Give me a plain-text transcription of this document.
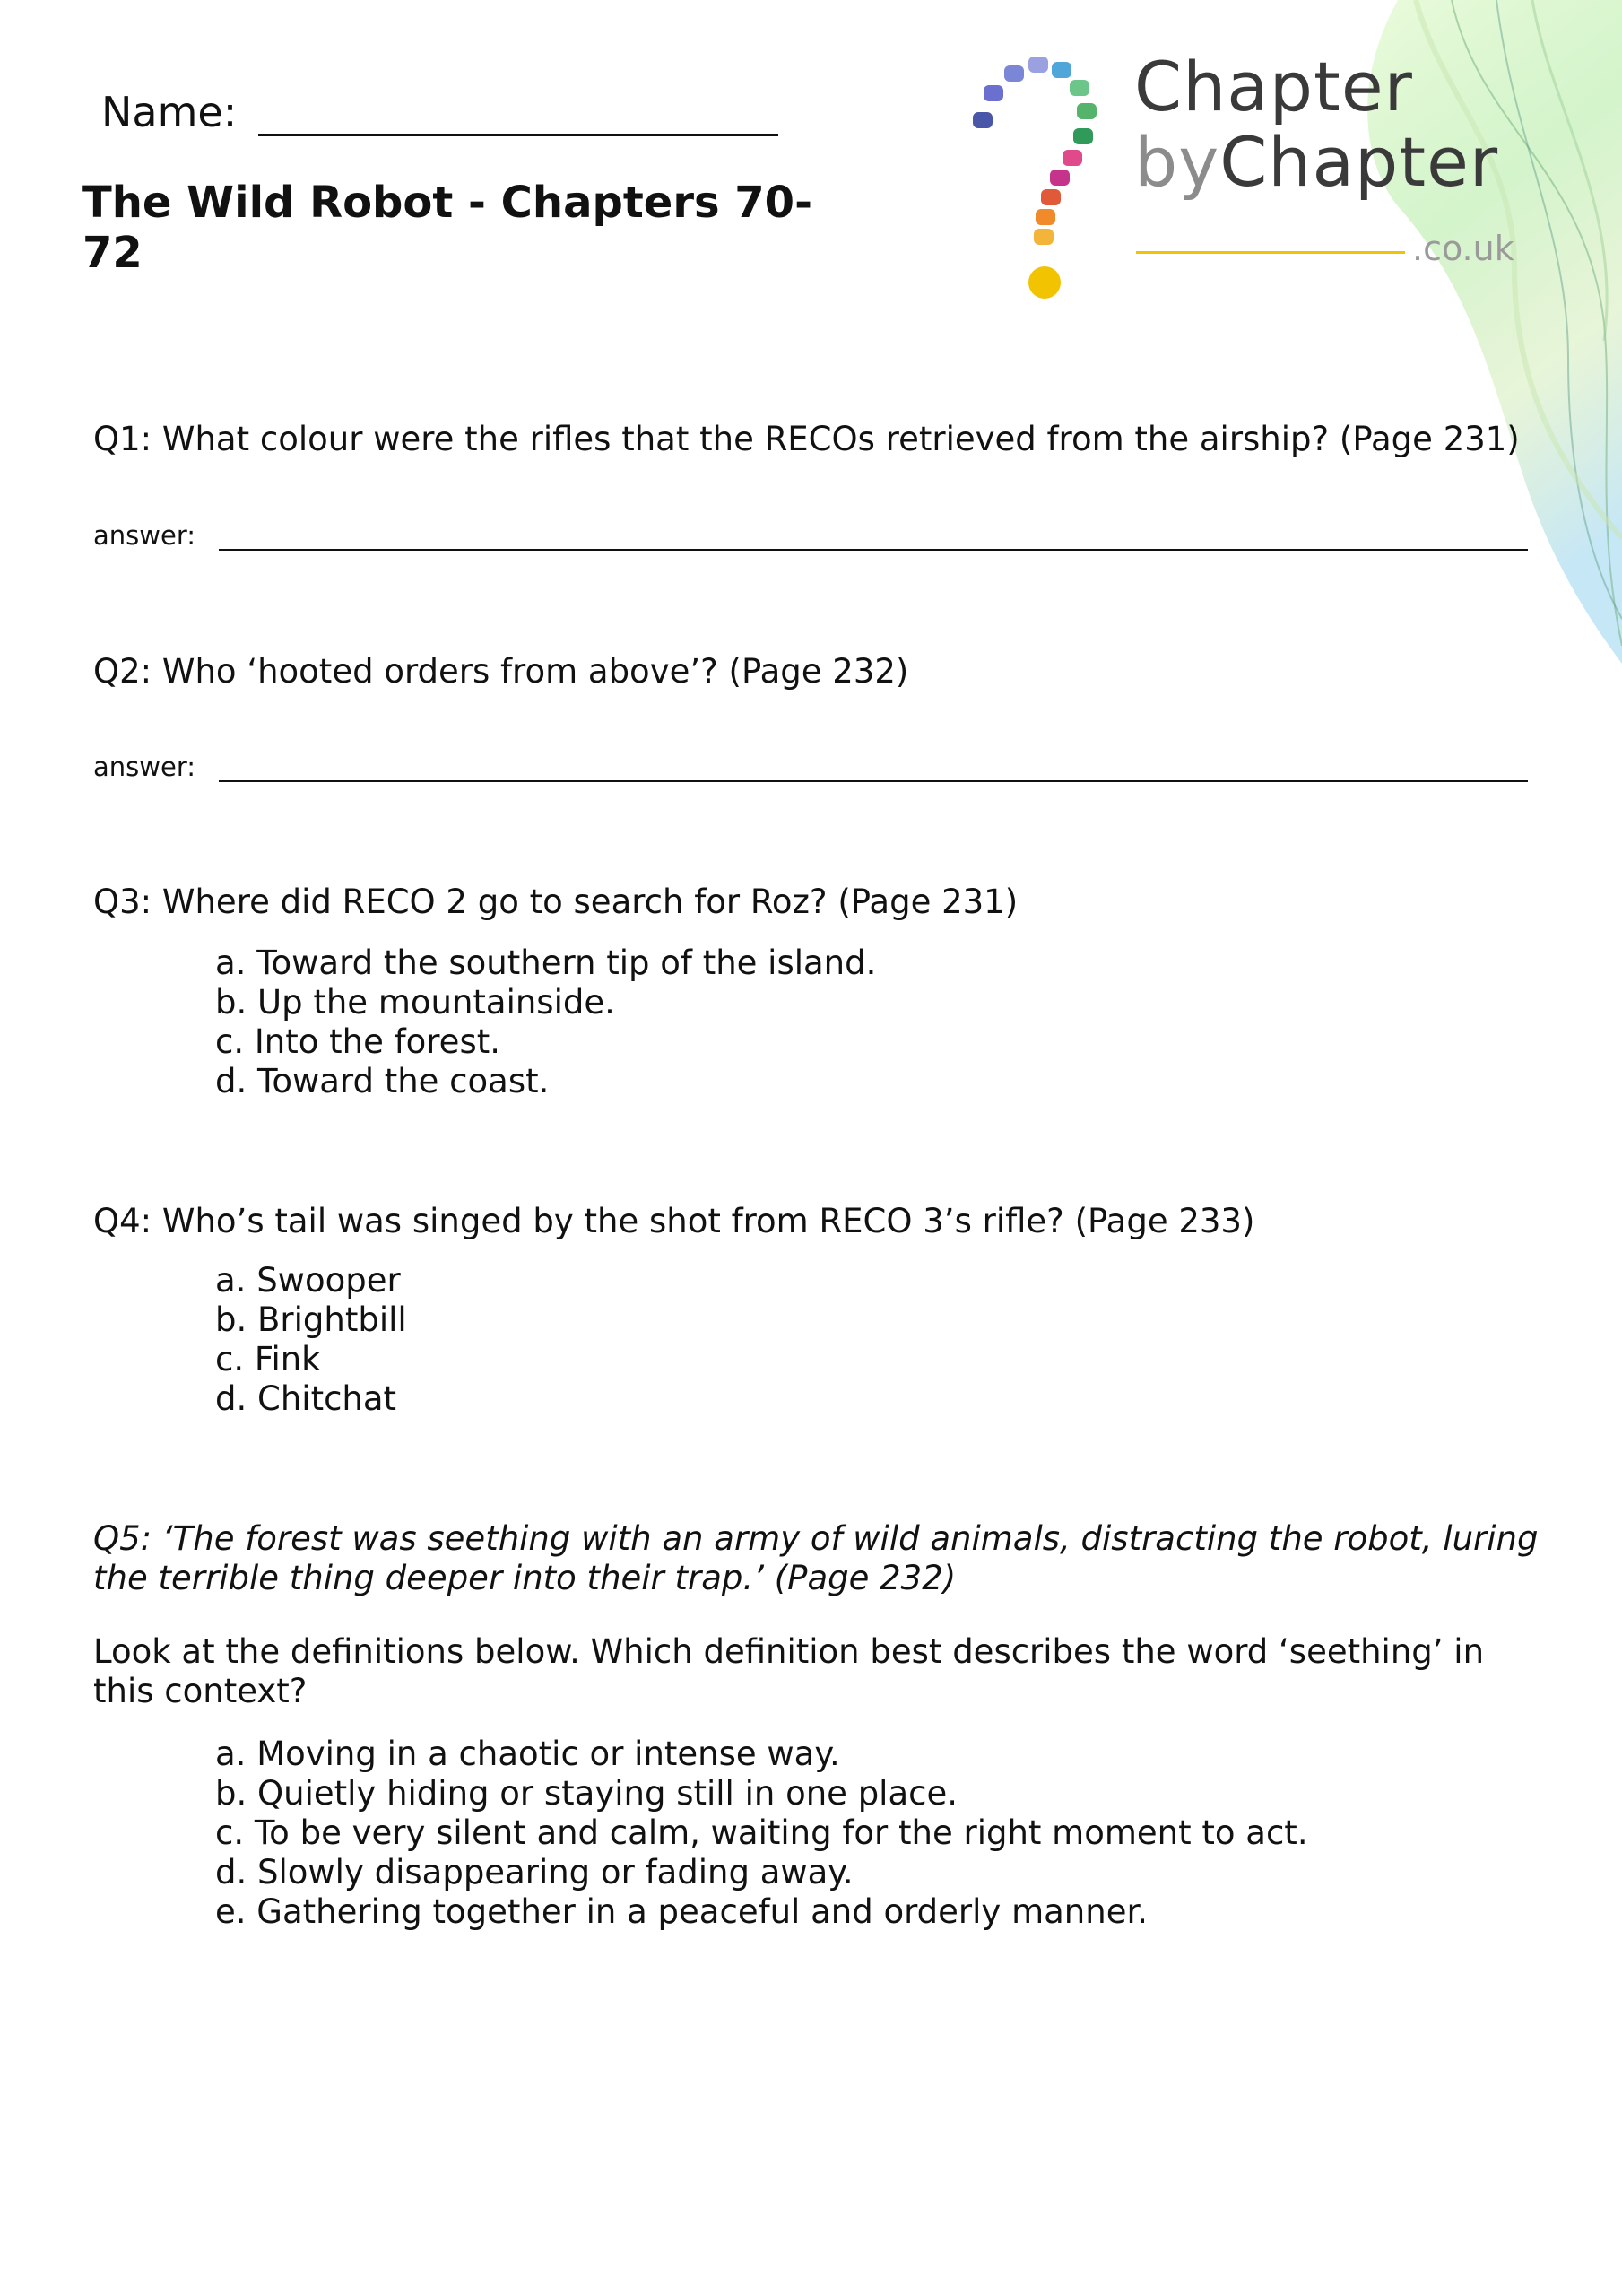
Chapter
byChapter
.co.uk
Name:
The Wild Robot - Chapters 70-72
Q1: What colour were the rifles that the RECOs retrieved from the airship? (Page 231)
answer:
Q2: Who ‘hooted orders from above’? (Page 232)
answer:
Q3: Where did RECO 2 go to search for Roz? (Page 231)
a. Toward the southern tip of the island.
b. Up the mountainside.
c. Into the forest.
d. Toward the coast.
Q4: Who’s tail was singed by the shot from RECO 3’s rifle? (Page 233)
a. Swooper
b. Brightbill
c. Fink
d. Chitchat
Q5: ‘The forest was seething with an army of wild animals, distracting the robot, luring the terrible thing deeper into their trap.’ (Page 232)
Look at the definitions below. Which definition best describes the word ‘seething’ in this context?
a. Moving in a chaotic or intense way.
b. Quietly hiding or staying still in one place.
c. To be very silent and calm, waiting for the right moment to act.
d. Slowly disappearing or fading away.
e. Gathering together in a peaceful and orderly manner.
